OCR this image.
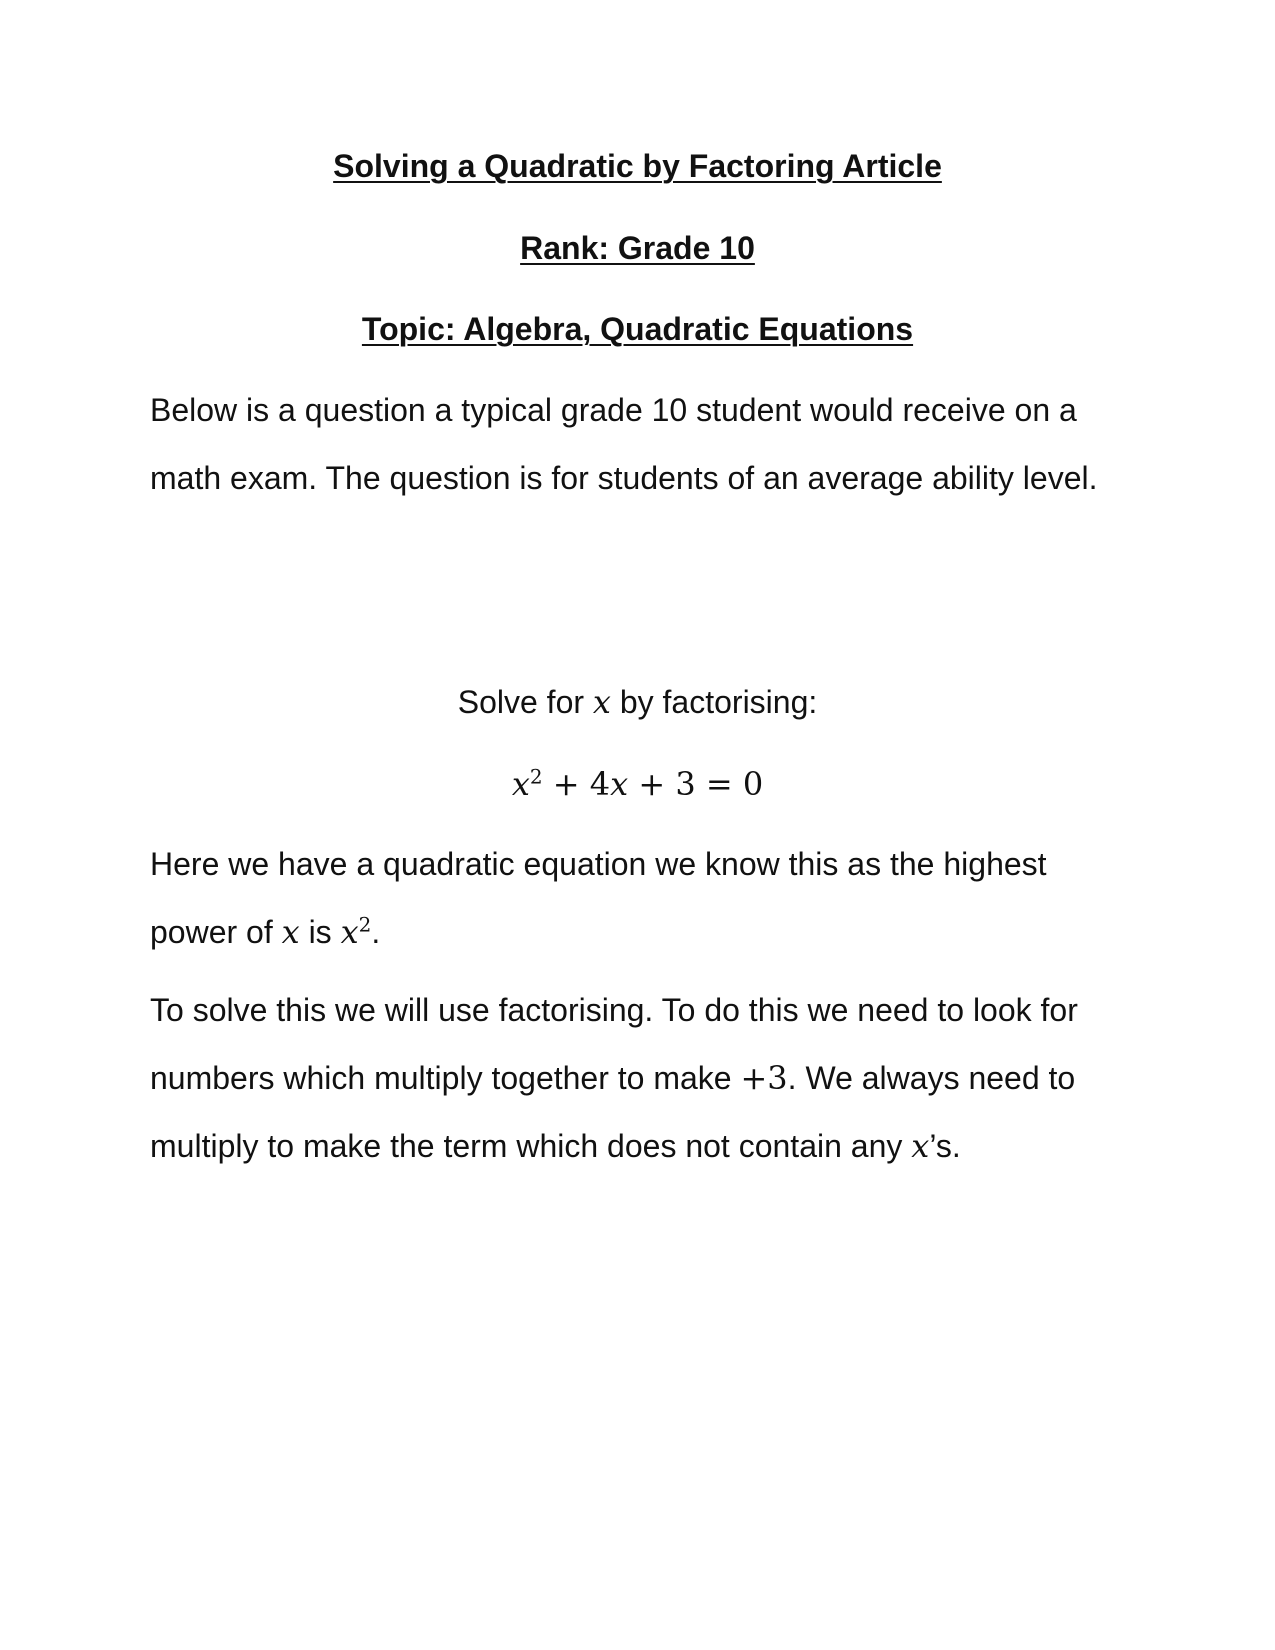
Solving a Quadratic by Factoring Article
Rank: Grade 10
Topic: Algebra, Quadratic Equations
Below is a question a typical grade 10 student would receive on a math exam. The question is for students of an average ability level.
Solve for x by factorising:
$x^2 + 4x + 3 = 0$
Here we have a quadratic equation we know this as the highest power of x is $x^2$.
To solve this we will use factorising. To do this we need to look for numbers which multiply together to make +3. We always need to multiply to make the term which does not contain any x’s.
